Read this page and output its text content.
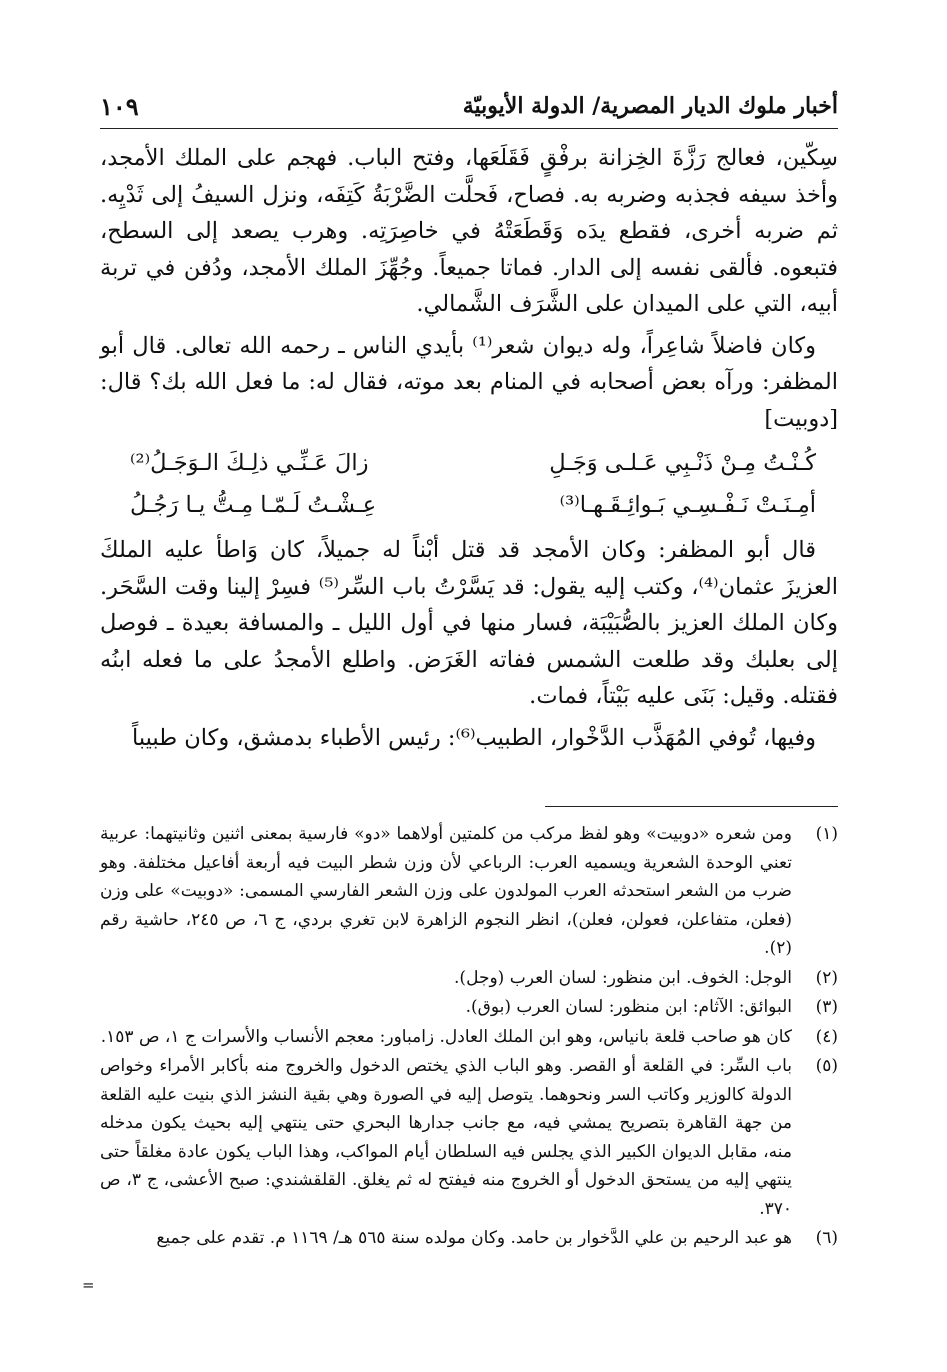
أخبار ملوك الديار المصرية/ الدولة الأيوبيّة
١٠٩

سِكّين، فعالج رَزَّةَ الخِزانة برفْقٍ فَقَلَعَها، وفتح الباب. فهجم على الملك الأمجد، وأخذ سيفه فجذبه وضربه به. فصاح، فَحلَّت الضَّرْبَةُ كَتِفَه، ونزل السيفُ إلى ثَدْيِه. ثم ضربه أخرى، فقطع يدَه وَقَطَعَتْهُ في خاصِرَتِه. وهرب يصعد إلى السطح، فتبعوه. فألقى نفسه إلى الدار. فماتا جميعاً. وجُهِّزَ الملك الأمجد، ودُفن في تربة أبيه، التي على الميدان على الشَّرَف الشَّمالي.

وكان فاضلاً شاعِراً، وله ديوان شعر⁽¹⁾ بأيدي الناس ـ رحمه الله تعالى. قال أبو المظفر: ورآه بعض أصحابه في المنام بعد موته، فقال له: ما فعل الله بك؟ قال: [دوبيت]

كُـنْـتُ مِـنْ ذَنْـبِي عَـلـى وَجَـلِ
زالَ عَـنِّـي ذلِـكَ الـوَجَـلُ⁽²⁾
أمِـنَـتْ نَـفْـسِـي بَـوائِـقَـهـا⁽³⁾
عِـشْـتُ لَـمّـا مِـتُّ يـا رَجُـلُ

قال أبو المظفر: وكان الأمجد قد قتل أبْناً له جميلاً، كان وَاطأ عليه الملكَ العزيزَ عثمان⁽⁴⁾، وكتب إليه يقول: قد يَسَّرْتُ باب السِّر⁽⁵⁾ فسِرْ إلينا وقت السَّحَر. وكان الملك العزيز بالصُّبَيْبَة، فسار منها في أول الليل ـ والمسافة بعيدة ـ فوصل إلى بعلبك وقد طلعت الشمس ففاته الغَرَض. واطلع الأمجدُ على ما فعله ابنُه فقتله. وقيل: بَنَى عليه بَيْتاً، فمات.

وفيها، تُوفي المُهَذَّب الدَّخْوار، الطبيب⁽⁶⁾: رئيس الأطباء بدمشق، وكان طبيباً

(١)
ومن شعره «دوبيت» وهو لفظ مركب من كلمتين أولاهما «دو» فارسية بمعنى اثنين وثانيتهما: عربية تعني الوحدة الشعرية ويسميه العرب: الرباعي لأن وزن شطر البيت فيه أربعة أفاعيل مختلفة. وهو ضرب من الشعر استحدثه العرب المولدون على وزن الشعر الفارسي المسمى: «دوبيت» على وزن (فعلن، متفاعلن، فعولن، فعلن)، انظر النجوم الزاهرة لابن تغري بردي، ج ٦، ص ٢٤٥، حاشية رقم (٢).
(٢)
الوجل: الخوف. ابن منظور: لسان العرب (وجل).
(٣)
البوائق: الآثام: ابن منظور: لسان العرب (بوق).
(٤)
كان هو صاحب قلعة بانياس، وهو ابن الملك العادل. زامباور: معجم الأنساب والأسرات ج ١، ص ١٥٣.
(٥)
باب السِّر: في القلعة أو القصر. وهو الباب الذي يختص الدخول والخروج منه بأكابر الأمراء وخواص الدولة كالوزير وكاتب السر ونحوهما. يتوصل إليه في الصورة وهي بقية النشز الذي بنيت عليه القلعة من جهة القاهرة بتصريح يمشي فيه، مع جانب جدارها البحري حتى ينتهي إليه بحيث يكون مدخله منه، مقابل الديوان الكبير الذي يجلس فيه السلطان أيام المواكب، وهذا الباب يكون عادة مغلقاً حتى ينتهي إليه من يستحق الدخول أو الخروج منه فيفتح له ثم يغلق. القلقشندي: صبح الأعشى، ج ٣، ص ٣٧٠.
(٦)
هو عبد الرحيم بن علي الدَّخوار بن حامد. وكان مولده سنة ٥٦٥ هـ/ ١١٦٩ م. تقدم على جميع
=
